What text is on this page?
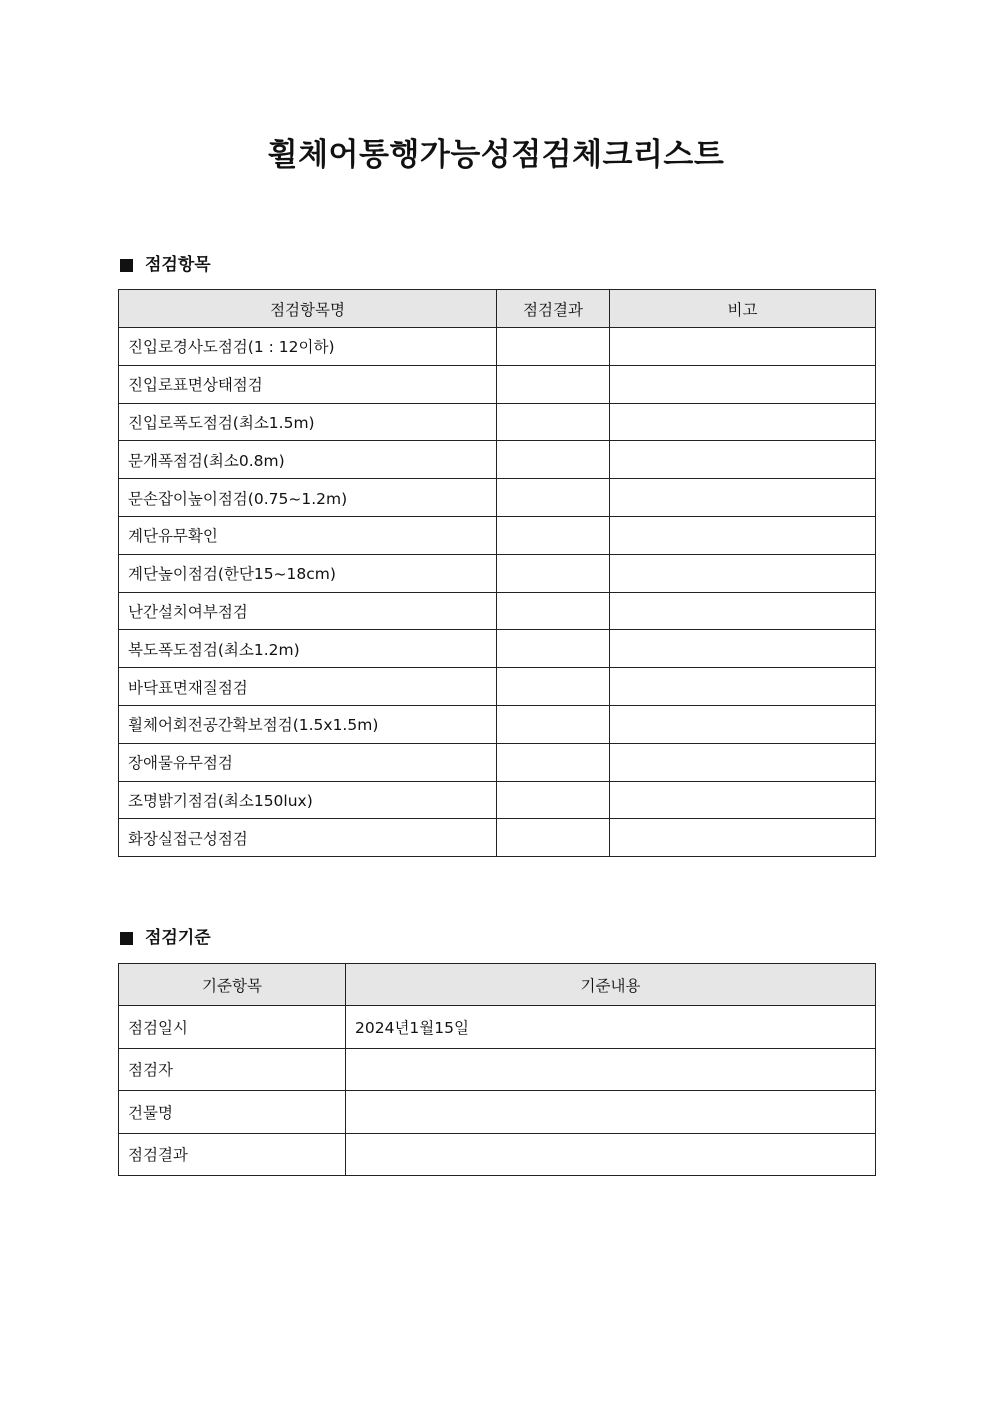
휠체어통행가능성점검체크리스트
점검항목
점검항목명	점검결과	비고
진입로경사도점검(1 : 12이하)		
진입로표면상태점검		
진입로폭도점검(최소1.5m)		
문개폭점검(최소0.8m)		
문손잡이높이점검(0.75~1.2m)		
계단유무확인		
계단높이점검(한단15~18cm)		
난간설치여부점검		
복도폭도점검(최소1.2m)		
바닥표면재질점검		
휠체어회전공간확보점검(1.5x1.5m)		
장애물유무점검		
조명밝기점검(최소150lux)		
화장실접근성점검		
점검기준
기준항목	기준내용
점검일시	2024년1월15일
점검자	
건물명	
점검결과	
